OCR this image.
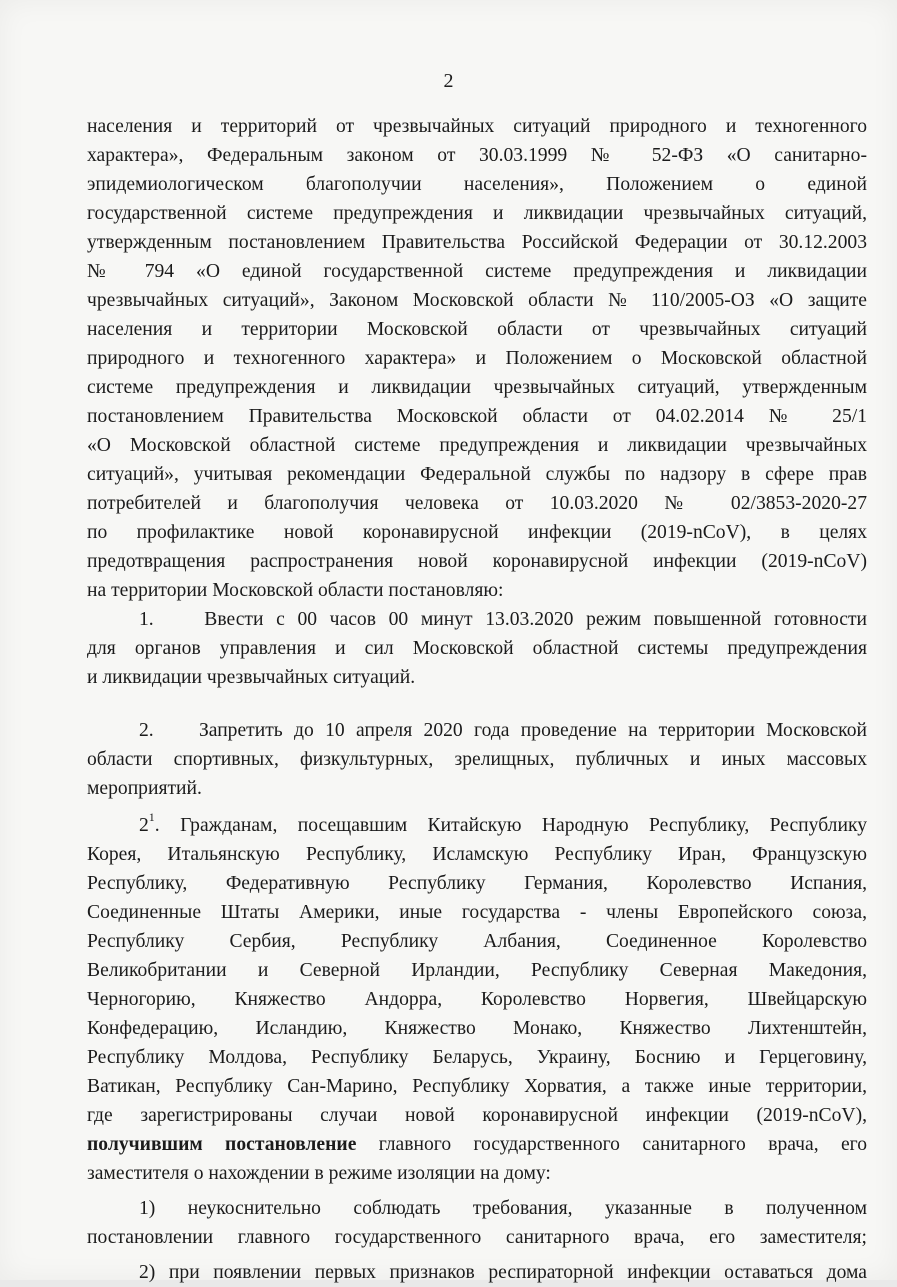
2
населения и территорий от чрезвычайных ситуаций природного и техногенного
характера», Федеральным законом от 30.03.1999 № 52-ФЗ «О санитарно-
эпидемиологическом благополучии населения», Положением о единой
государственной системе предупреждения и ликвидации чрезвычайных ситуаций,
утвержденным постановлением Правительства Российской Федерации от 30.12.2003
№ 794 «О единой государственной системе предупреждения и ликвидации
чрезвычайных ситуаций», Законом Московской области № 110/2005-ОЗ «О защите
населения и территории Московской области от чрезвычайных ситуаций
природного и техногенного характера» и Положением о Московской областной
системе предупреждения и ликвидации чрезвычайных ситуаций, утвержденным
постановлением Правительства Московской области от 04.02.2014 № 25/1
«О Московской областной системе предупреждения и ликвидации чрезвычайных
ситуаций», учитывая рекомендации Федеральной службы по надзору в сфере прав
потребителей и благополучия человека от 10.03.2020 № 02/3853-2020-27
по профилактике новой коронавирусной инфекции (2019-nCoV), в целях
предотвращения распространения новой коронавирусной инфекции (2019-nCoV)
на территории Московской области постановляю:
1.    Ввести с 00 часов 00 минут 13.03.2020 режим повышенной готовности
для органов управления и сил Московской областной системы предупреждения
и ликвидации чрезвычайных ситуаций.
2.    Запретить до 10 апреля 2020 года проведение на территории Московской
области спортивных, физкультурных, зрелищных, публичных и иных массовых
мероприятий.
$2^1$. Гражданам, посещавшим Китайскую Народную Республику, Республику
Корея, Итальянскую Республику, Исламскую Республику Иран, Французскую
Республику, Федеративную Республику Германия, Королевство Испания,
Соединенные Штаты Америки, иные государства - члены Европейского союза,
Республику Сербия, Республику Албания, Соединенное Королевство
Великобритании и Северной Ирландии, Республику Северная Македония,
Черногорию, Княжество Андорра, Королевство Норвегия, Швейцарскую
Конфедерацию, Исландию, Княжество Монако, Княжество Лихтенштейн,
Республику Молдова, Республику Беларусь, Украину, Боснию и Герцеговину,
Ватикан, Республику Сан-Марино, Республику Хорватия, а также иные территории,
где зарегистрированы случаи новой коронавирусной инфекции (2019-nCoV),
получившим постановление главного государственного санитарного врача, его
заместителя о нахождении в режиме изоляции на дому:
1) неукоснительно соблюдать требования, указанные в полученном
постановлении главного государственного санитарного врача, его заместителя;
2) при появлении первых признаков респираторной инфекции оставаться дома
